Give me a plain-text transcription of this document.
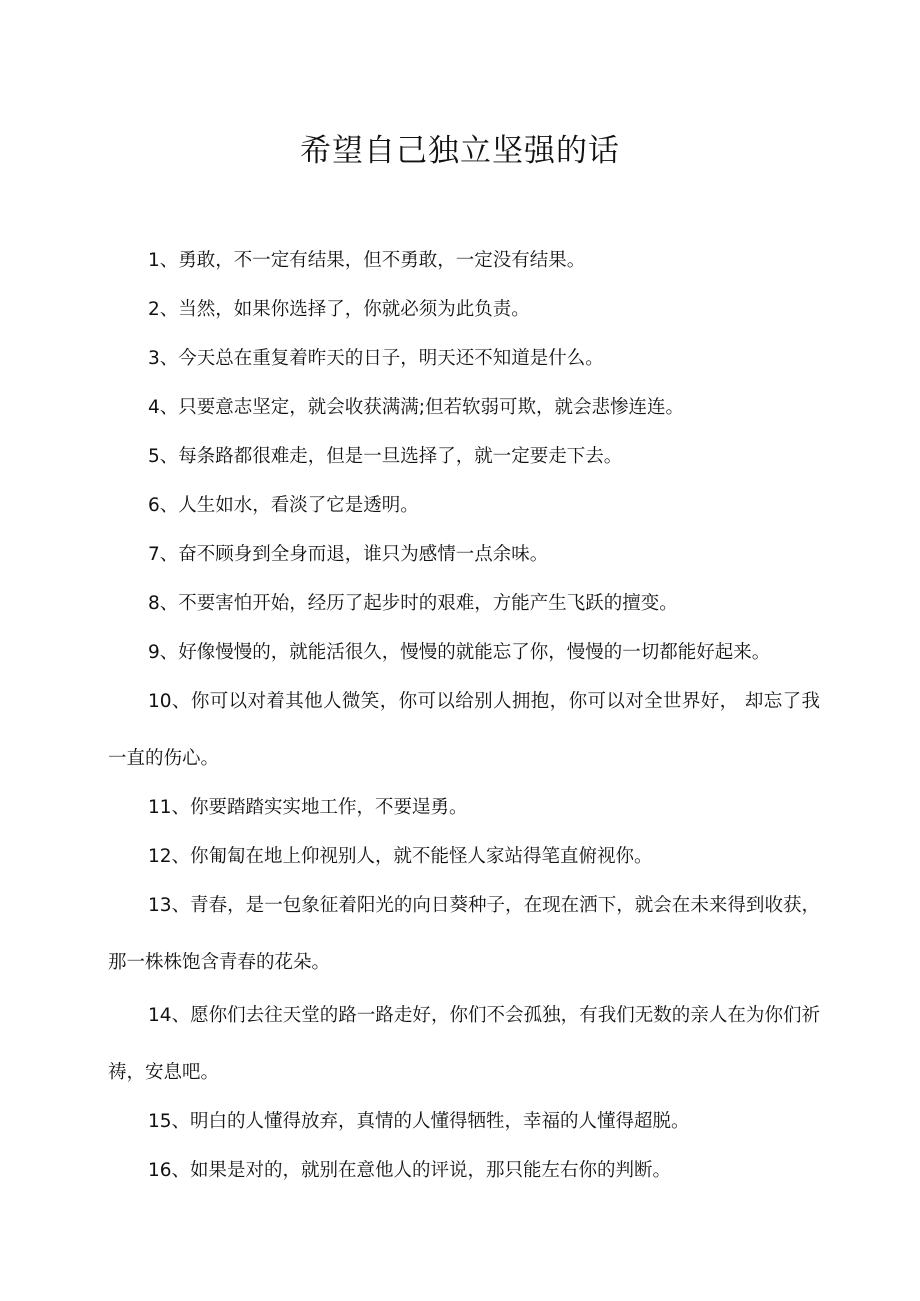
希望自己独立坚强的话
1、勇敢，不一定有结果，但不勇敢，一定没有结果。
2、当然，如果你选择了，你就必须为此负责。
3、今天总在重复着昨天的日子，明天还不知道是什么。
4、只要意志坚定，就会收获满满;但若软弱可欺，就会悲惨连连。
5、每条路都很难走，但是一旦选择了，就一定要走下去。
6、人生如水，看淡了它是透明。
7、奋不顾身到全身而退，谁只为感情一点余味。
8、不要害怕开始，经历了起步时的艰难，方能产生飞跃的擅变。
9、好像慢慢的，就能活很久，慢慢的就能忘了你，慢慢的一切都能好起来。
10、你可以对着其他人微笑，你可以给别人拥抱，你可以对全世界好， 却忘了我一直的伤心。
11、你要踏踏实实地工作，不要逞勇。
12、你匍匐在地上仰视别人，就不能怪人家站得笔直俯视你。
13、青春，是一包象征着阳光的向日葵种子，在现在洒下，就会在未来得到收获，那一株株饱含青春的花朵。
14、愿你们去往天堂的路一路走好，你们不会孤独，有我们无数的亲人在为你们祈祷，安息吧。
15、明白的人懂得放弃，真情的人懂得牺牲，幸福的人懂得超脱。
16、如果是对的，就别在意他人的评说，那只能左右你的判断。
